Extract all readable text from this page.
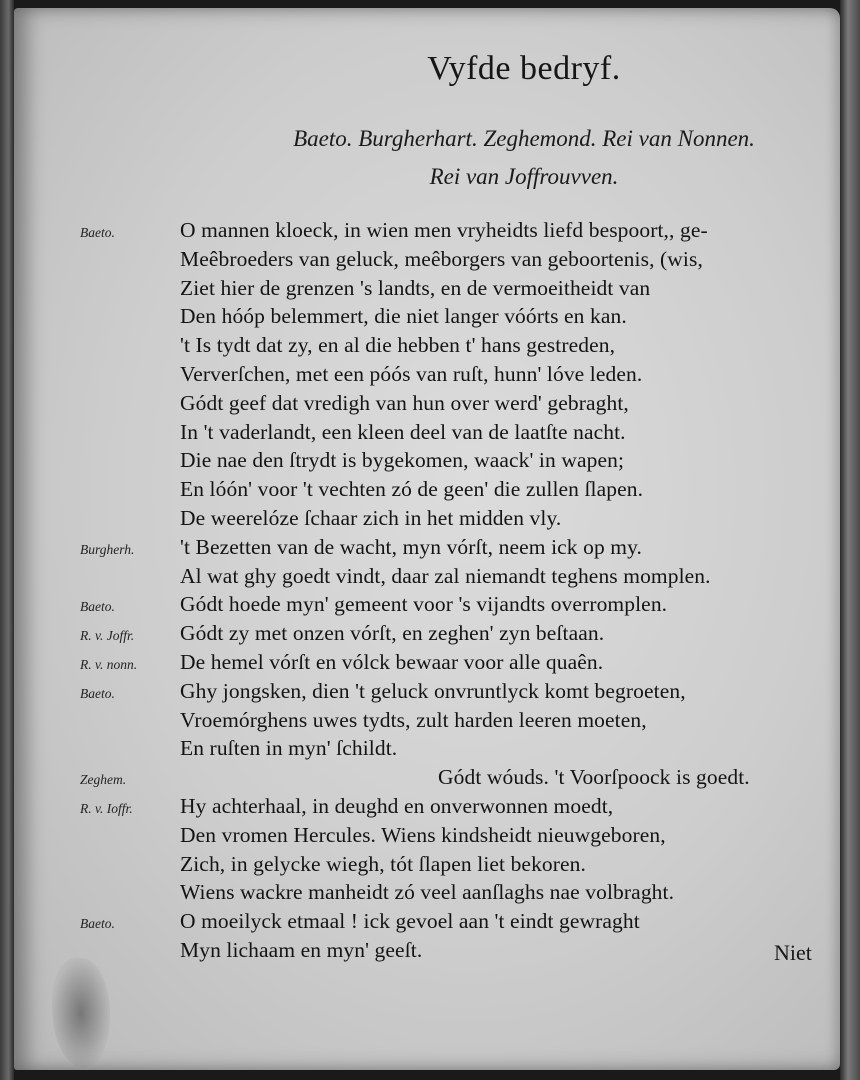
Vyfde bedryf.
Baeto. Burgherhart. Zeghemond. Rei van Nonnen.
Rei van Joffrouvven.
Baeto.	O mannen kloeck, in wien men vryheidts liefd bespoort,, ge-
Meêbroeders van geluck, meêborgers van geboortenis, (wis,
Ziet hier de grenzen 's landts, en de vermoeitheidt van
Den hóóp belemmert, die niet langer vóórts en kan.
't Is tydt dat zy, en al die hebben t' hans gestreden,
Ververſchen, met een póós van ruſt, hunn' lóve leden.
Gódt geef dat vredigh van hun over werd' gebraght,
In 't vaderlandt, een kleen deel van de laatſte nacht.
Die nae den ſtrydt is bygekomen, waack' in wapen;
En lóón' voor 't vechten zó de geen' die zullen ſlapen.
De weerelóze ſchaar zich in het midden vly.
Burgherh.	't Bezetten van de wacht, myn vórſt, neem ick op my.
Al wat ghy goedt vindt, daar zal niemandt teghens momplen.
Baeto.	Gódt hoede myn' gemeent voor 's vijandts overromplen.
R. v. Joffr.	Gódt zy met onzen vórſt, en zeghen' zyn beſtaan.
R. v. nonn.	De hemel vórſt en vólck bewaar voor alle quaên.
Baeto.	Ghy jongsken, dien 't geluck onvruntlyck komt begroeten,
Vroemórghens uwes tydts, zult harden leeren moeten,
En ruſten in myn' ſchildt.
Zeghem.	Gódt wóuds. 't Voorſpoock is goedt.
R. v. Ioffr.	Hy achterhaal, in deughd en onverwonnen moedt,
Den vromen Hercules. Wiens kindsheidt nieuwgeboren,
Zich, in gelycke wiegh, tót ſlapen liet bekoren.
Wiens wackre manheidt zó veel aanſlaghs nae volbraght.
Baeto.	O moeilyck etmaal ! ick gevoel aan 't eindt gewraght
Myn lichaam en myn' geeſt.	Niet
